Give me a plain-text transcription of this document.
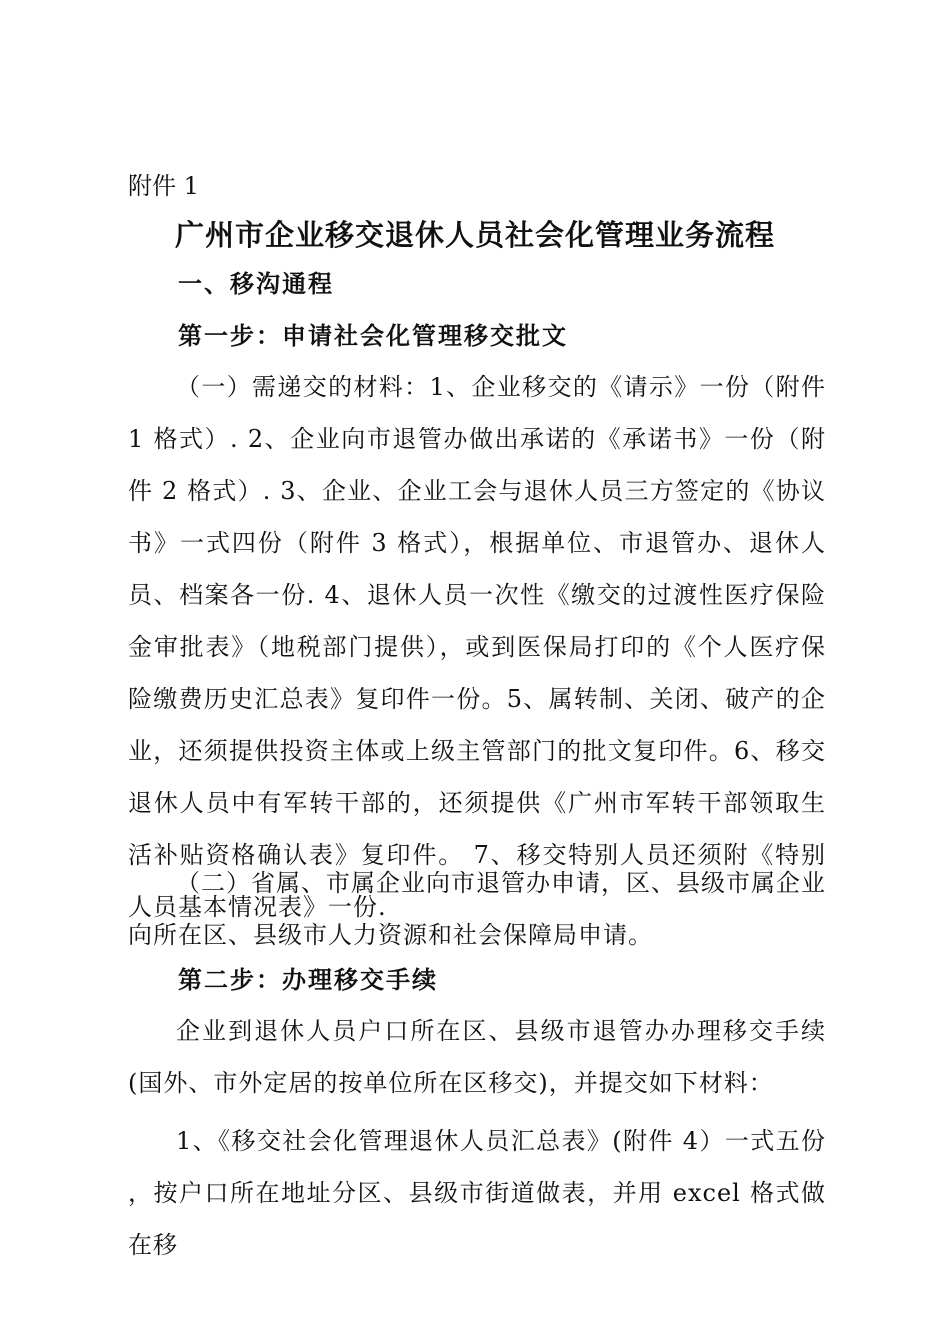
附件 1
广州市企业移交退休人员社会化管理业务流程
一、移沟通程
第一步：申请社会化管理移交批文
（一）需递交的材料：1、企业移交的《请示》一份（附件 1 格式）. 2、企业向市退管办做出承诺的《承诺书》一份（附件 2 格式）. 3、企业、企业工会与退休人员三方签定的《协议书》一式四份（附件 3 格式），根据单位、市退管办、退休人员、档案各一份. 4、退休人员一次性《缴交的过渡性医疗保险金审批表》（地税部门提供），或到医保局打印的《个人医疗保险缴费历史汇总表》复印件一份。5、属转制、关闭、破产的企业，还须提供投资主体或上级主管部门的批文复印件。6、移交退休人员中有军转干部的，还须提供《广州市军转干部领取生活补贴资格确认表》复印件。 7、移交特别人员还须附《特别人员基本情况表》一份.
（二）省属、市属企业向市退管办申请，区、县级市属企业向所在区、县级市人力资源和社会保障局申请。
第二步：办理移交手续
企业到退休人员户口所在区、县级市退管办办理移交手续(国外、市外定居的按单位所在区移交)，并提交如下材料：
1、《移交社会化管理退休人员汇总表》(附件 4）一式五份 ，按户口所在地址分区、县级市街道做表，并用 excel 格式做在移
